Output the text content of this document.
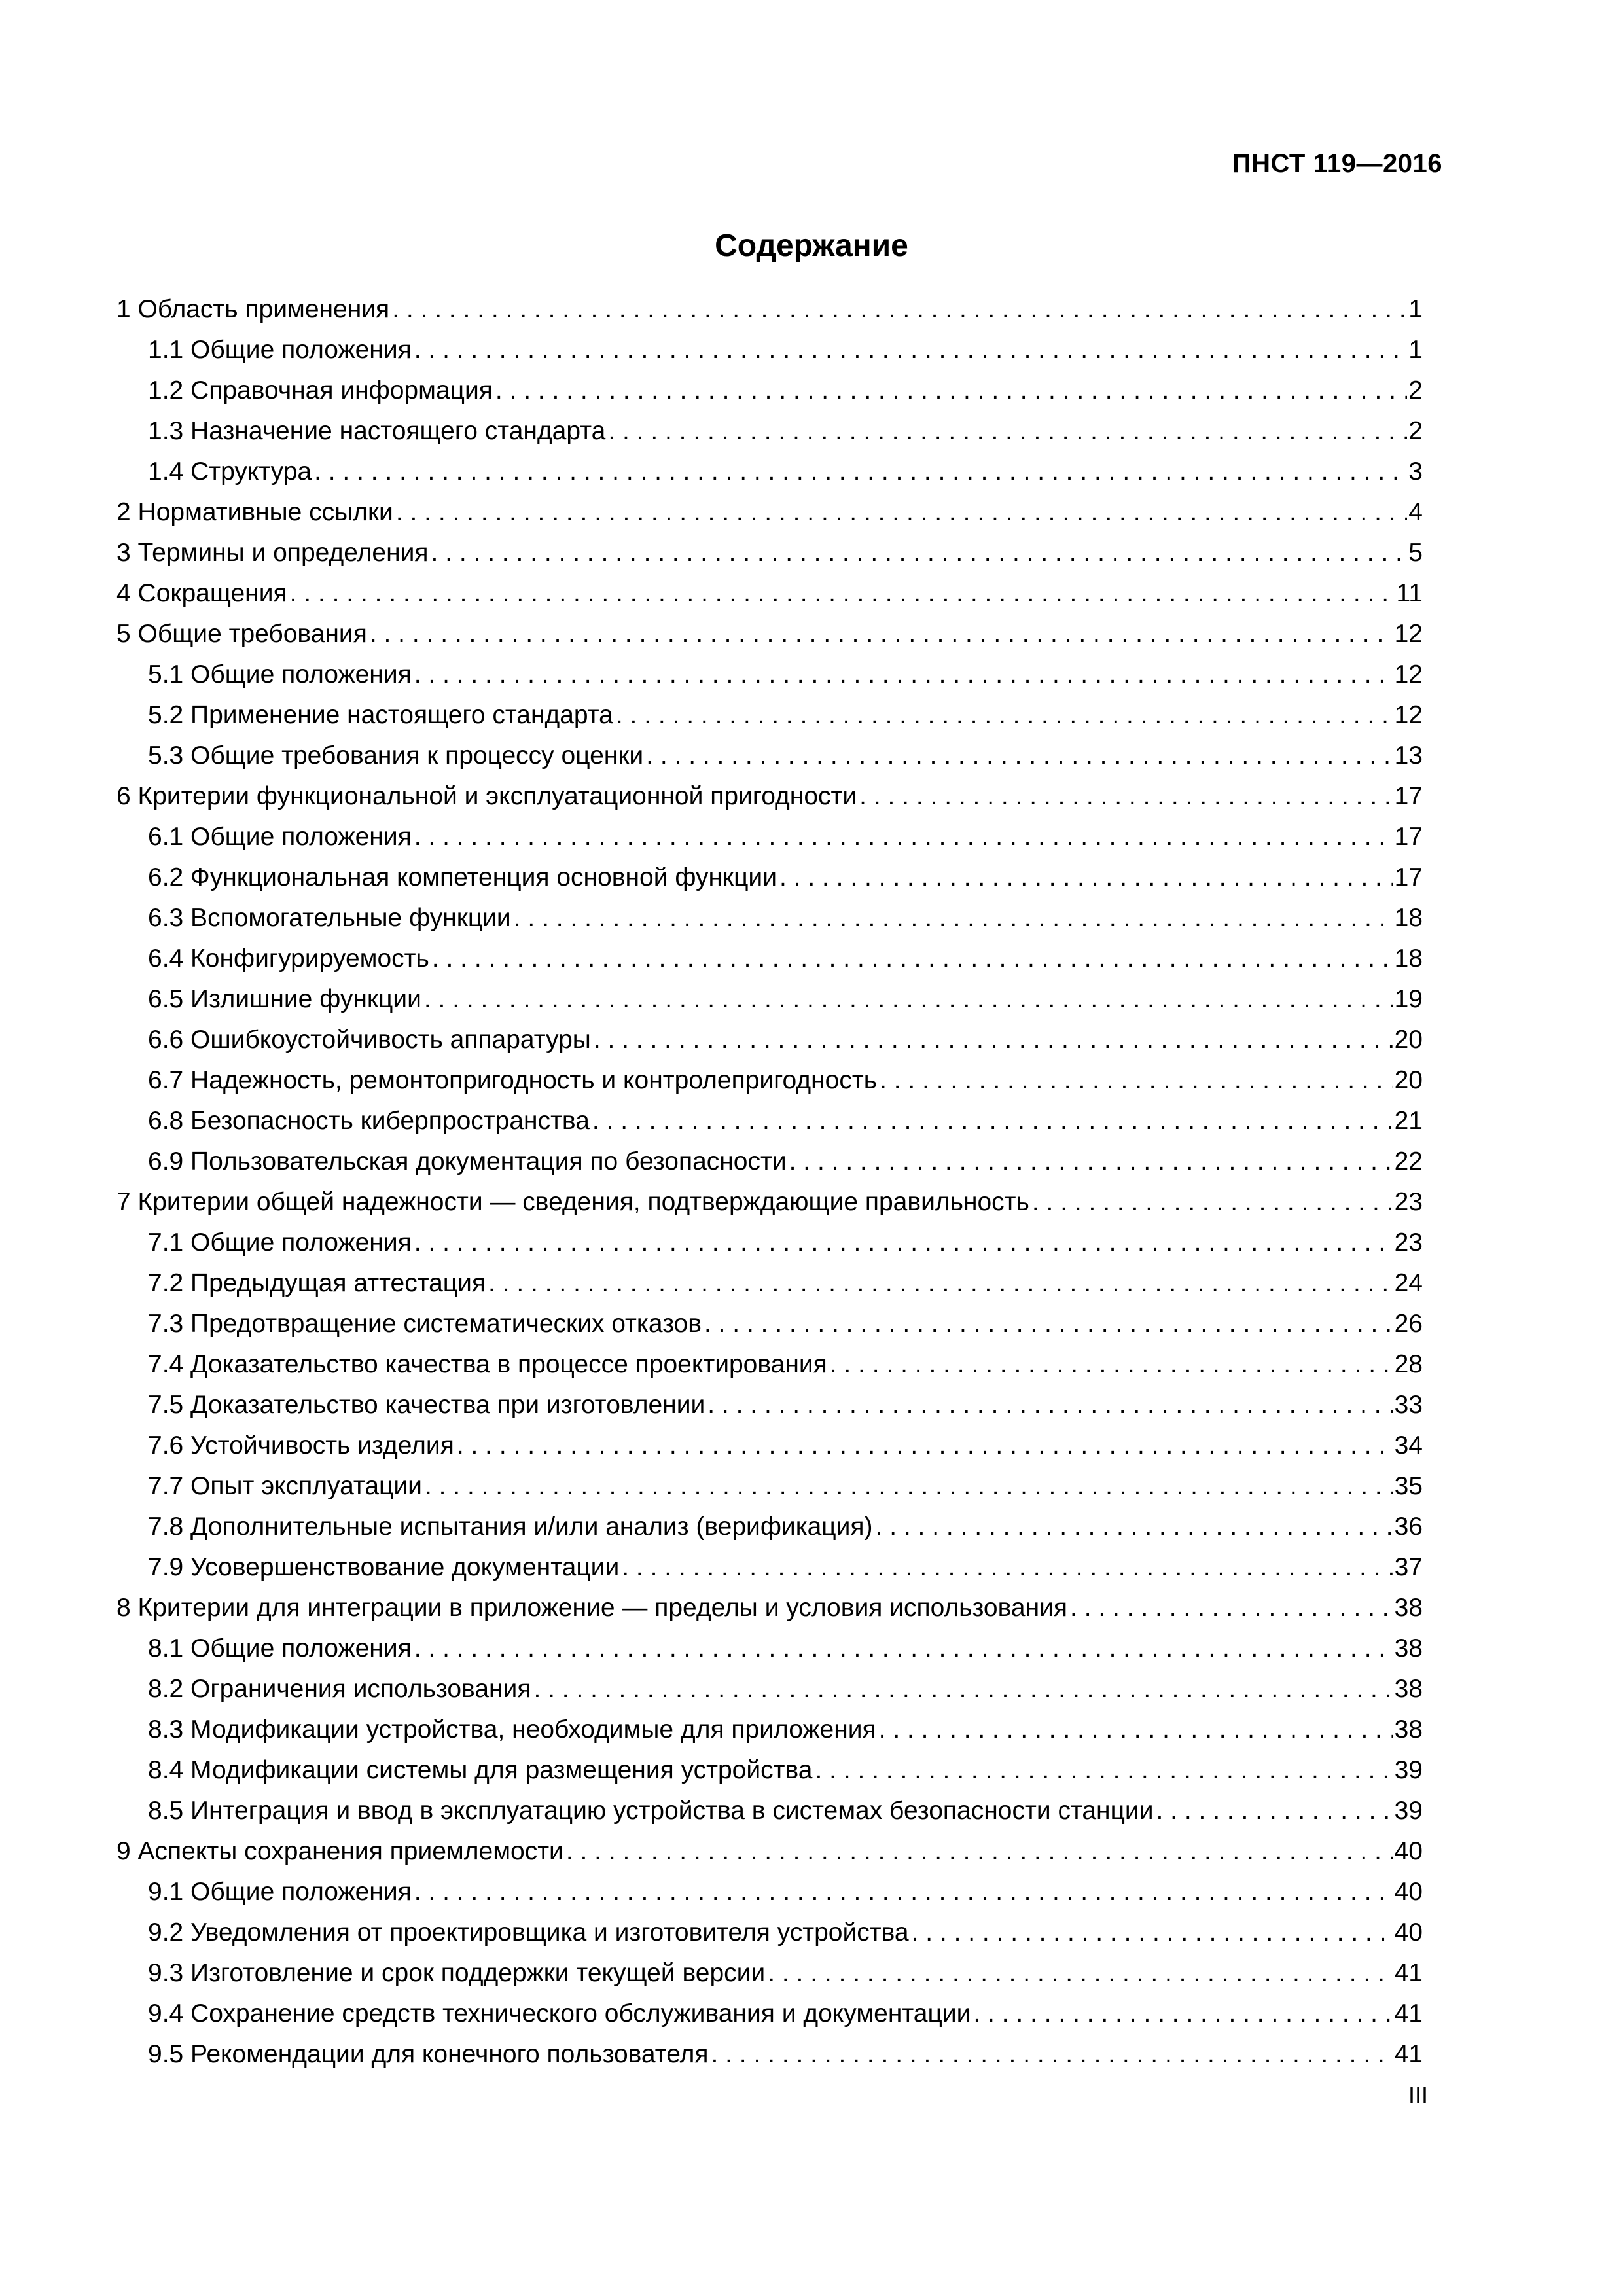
ПНСТ 119—2016
Содержание
1 Область применения . . .	1
1.1 Общие положения . . .	1
1.2 Справочная информация . . .	2
1.3 Назначение настоящего стандарта . . .	2
1.4 Структура . . .	3
2 Нормативные ссылки . . .	4
3 Термины и определения . . .	5
4 Сокращения . . .	11
5 Общие требования . . .	12
5.1 Общие положения . . .	12
5.2 Применение настоящего стандарта . . .	12
5.3 Общие требования к процессу оценки . . .	13
6 Критерии функциональной и эксплуатационной пригодности . . .	17
6.1 Общие положения . . .	17
6.2 Функциональная компетенция основной функции . . .	17
6.3 Вспомогательные функции . . .	18
6.4 Конфигурируемость . . .	18
6.5 Излишние функции . . .	19
6.6 Ошибкоустойчивость аппаратуры . . .	20
6.7 Надежность, ремонтопригодность и контролепригодность . . .	20
6.8 Безопасность киберпространства . . .	21
6.9 Пользовательская документация по безопасности . . .	22
7 Критерии общей надежности — сведения, подтверждающие правильность . . .	23
7.1 Общие положения . . .	23
7.2 Предыдущая аттестация . . .	24
7.3 Предотвращение систематических отказов . . .	26
7.4 Доказательство качества в процессе проектирования . . .	28
7.5 Доказательство качества при изготовлении . . .	33
7.6 Устойчивость изделия . . .	34
7.7 Опыт эксплуатации . . .	35
7.8 Дополнительные испытания и/или анализ (верификация) . . .	36
7.9 Усовершенствование документации . . .	37
8 Критерии для интеграции в приложение — пределы и условия использования . . .	38
8.1 Общие положения . . .	38
8.2 Ограничения использования . . .	38
8.3 Модификации устройства, необходимые для приложения . . .	38
8.4 Модификации системы для размещения устройства . . .	39
8.5 Интеграция и ввод в эксплуатацию устройства в системах безопасности станции . . .	39
9 Аспекты сохранения приемлемости . . .	40
9.1 Общие положения . . .	40
9.2 Уведомления от проектировщика и изготовителя устройства . . .	40
9.3 Изготовление и срок поддержки текущей версии . . .	41
9.4 Сохранение средств технического обслуживания и документации . . .	41
9.5 Рекомендации для конечного пользователя . . .	41
III
